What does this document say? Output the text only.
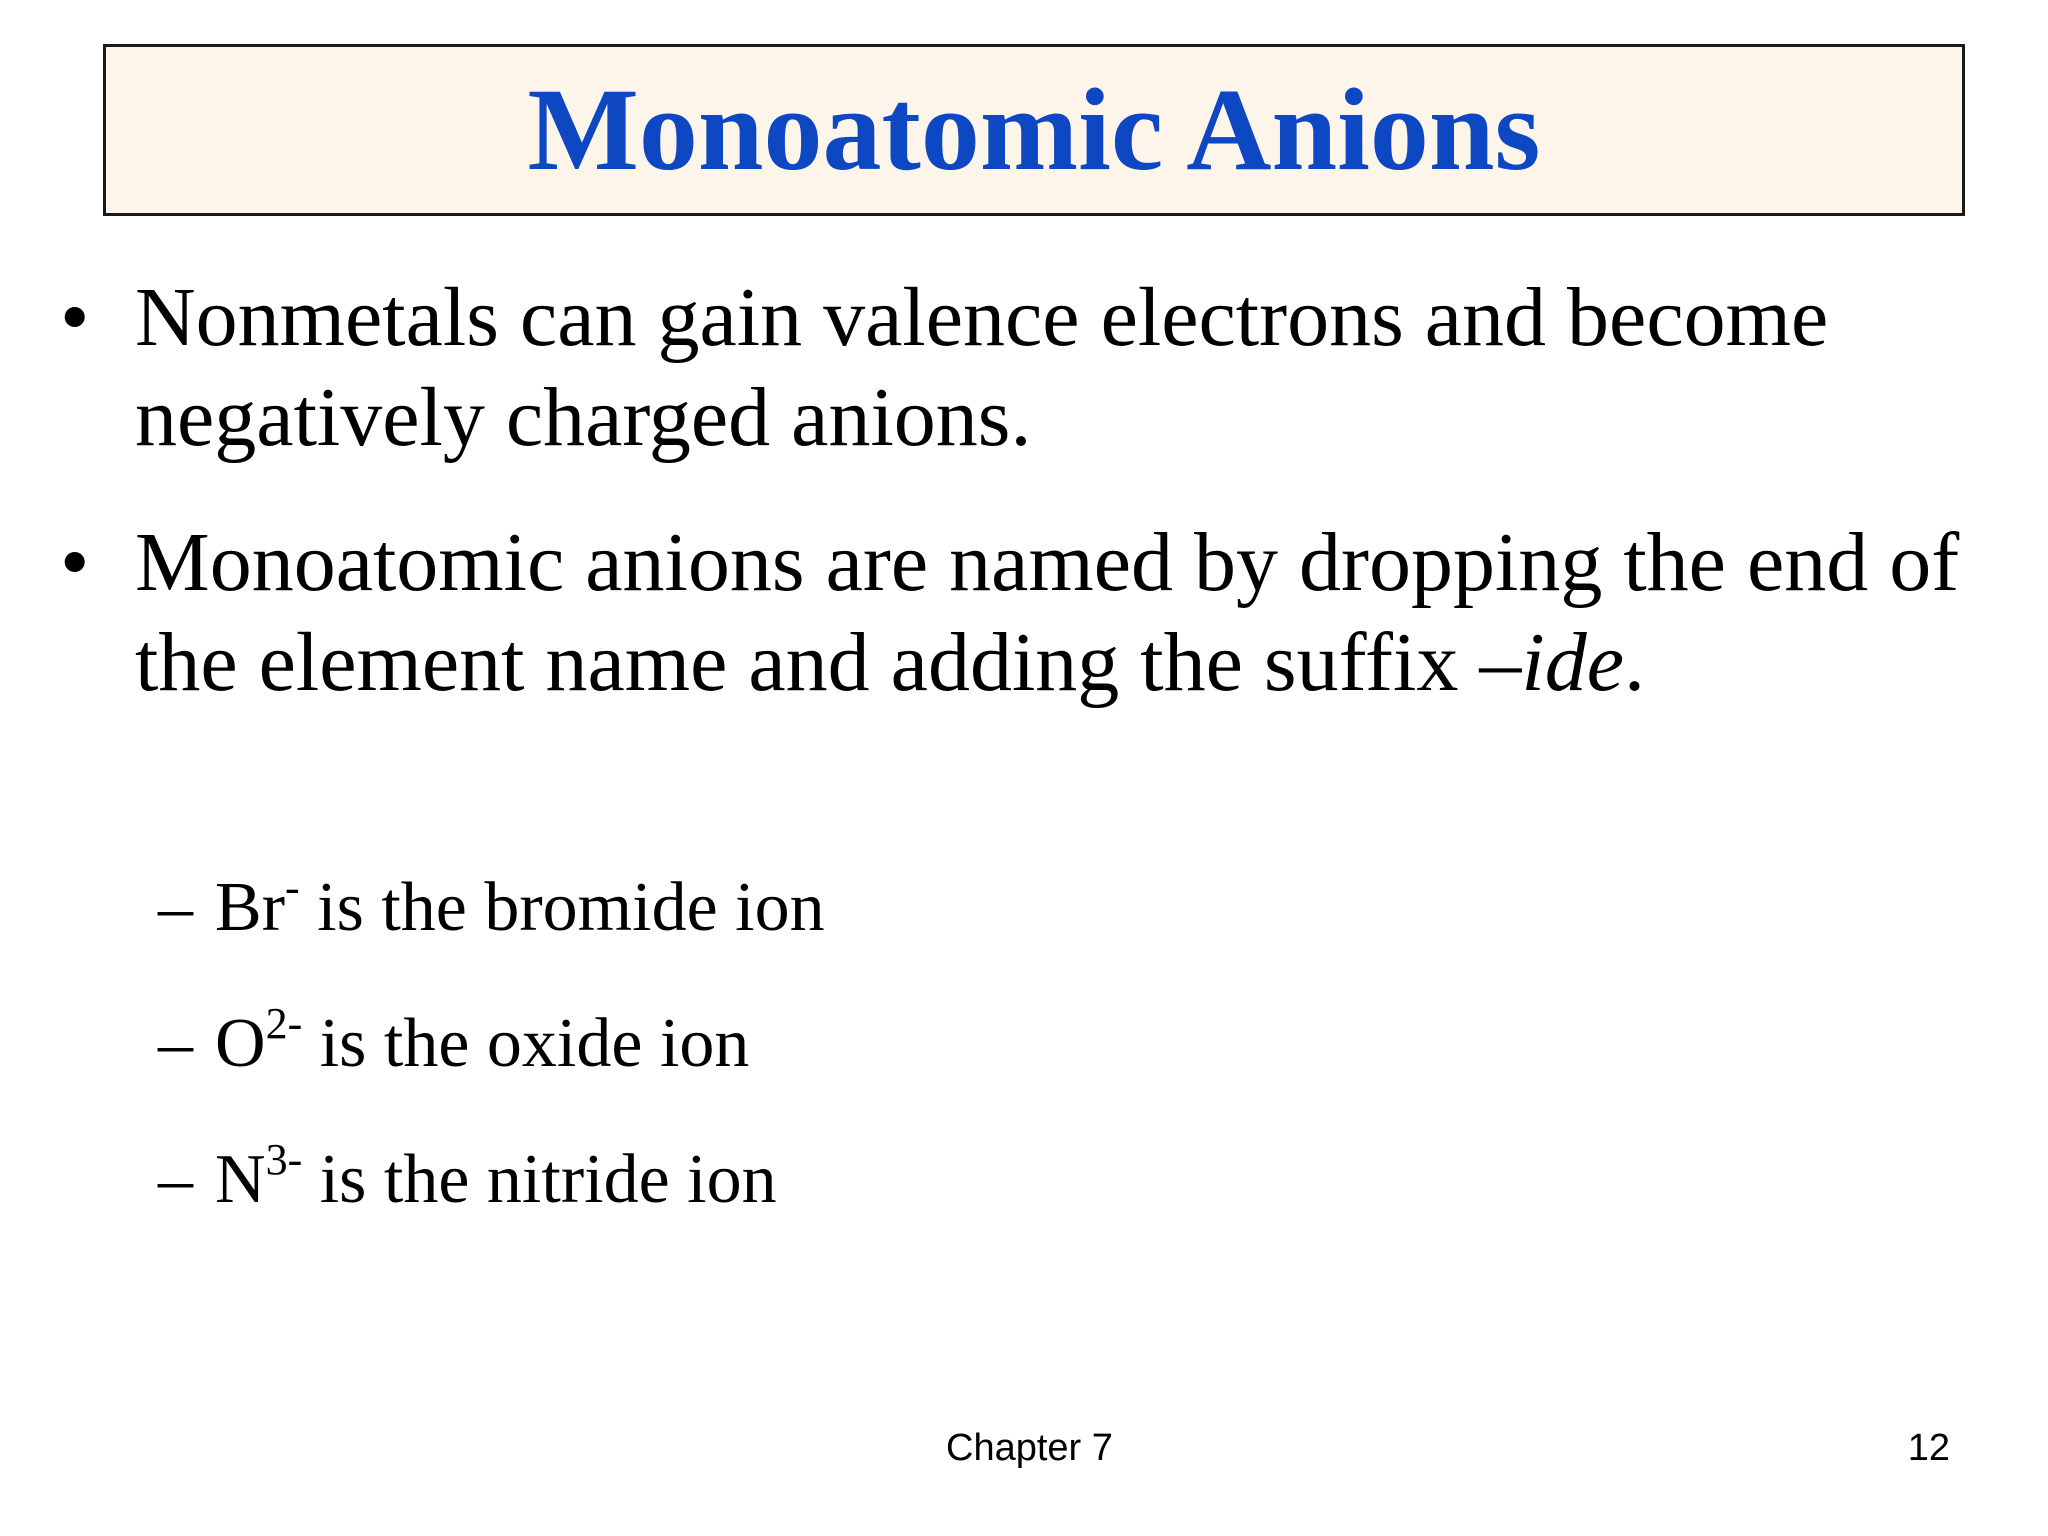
Monoatomic Anions
• Nonmetals can gain valence electrons and become negatively charged anions.
• Monoatomic anions are named by dropping the end of the element name and adding the suffix –ide.
– Br- is the bromide ion
– $O^{2-}$ is the oxide ion
– $N^{3-}$ is the nitride ion
Chapter 7	12
